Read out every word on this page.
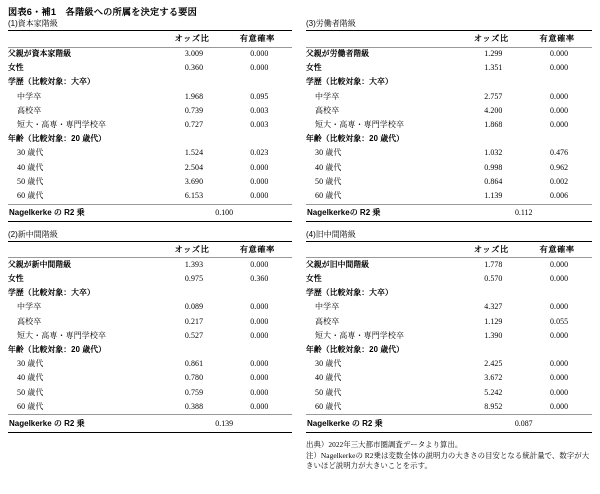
図表6・補1　各階級への所属を決定する要因
(1)資本家階級
	オッズ比	有意確率
父親が資本家階級	3.009	0.000
女性	0.360	0.000
学歴（比較対象：大卒）		
中学卒	1.968	0.095
高校卒	0.739	0.003
短大・高専・専門学校卒	0.727	0.003
年齢（比較対象：20 歳代）		
30 歳代	1.524	0.023
40 歳代	2.504	0.000
50 歳代	3.690	0.000
60 歳代	6.153	0.000
Nagelkerke の R2 乗	0.100	
(2)新中間階級
	オッズ比	有意確率
父親が新中間階級	1.393	0.000
女性	0.975	0.360
学歴（比較対象：大卒）		
中学卒	0.089	0.000
高校卒	0.217	0.000
短大・高専・専門学校卒	0.527	0.000
年齢（比較対象：20 歳代）		
30 歳代	0.861	0.000
40 歳代	0.780	0.000
50 歳代	0.759	0.000
60 歳代	0.388	0.000
Nagelkerke の R2 乗	0.139	
(3)労働者階級
	オッズ比	有意確率
父親が労働者階級	1.299	0.000
女性	1.351	0.000
学歴（比較対象：大卒）		
中学卒	2.757	0.000
高校卒	4.200	0.000
短大・高専・専門学校卒	1.868	0.000
年齢（比較対象：20 歳代）		
30 歳代	1.032	0.476
40 歳代	0.998	0.962
50 歳代	0.864	0.002
60 歳代	1.139	0.006
Nagelkerkeの R2 乗	0.112	
(4)旧中間階級
	オッズ比	有意確率
父親が旧中間階級	1.778	0.000
女性	0.570	0.000
学歴（比較対象：大卒）		
中学卒	4.327	0.000
高校卒	1.129	0.055
短大・高専・専門学校卒	1.390	0.000
年齢（比較対象：20 歳代）		
30 歳代	2.425	0.000
40 歳代	3.672	0.000
50 歳代	5.242	0.000
60 歳代	8.952	0.000
Nagelkerke の R2 乗	0.087	
出典）2022年三大都市圏調査データより算出。
注）Nagelkerkeの R2乗は変数全体の説明力の大きさの目安となる統計量で、数字が大きいほど説明力が大きいことを示す。
